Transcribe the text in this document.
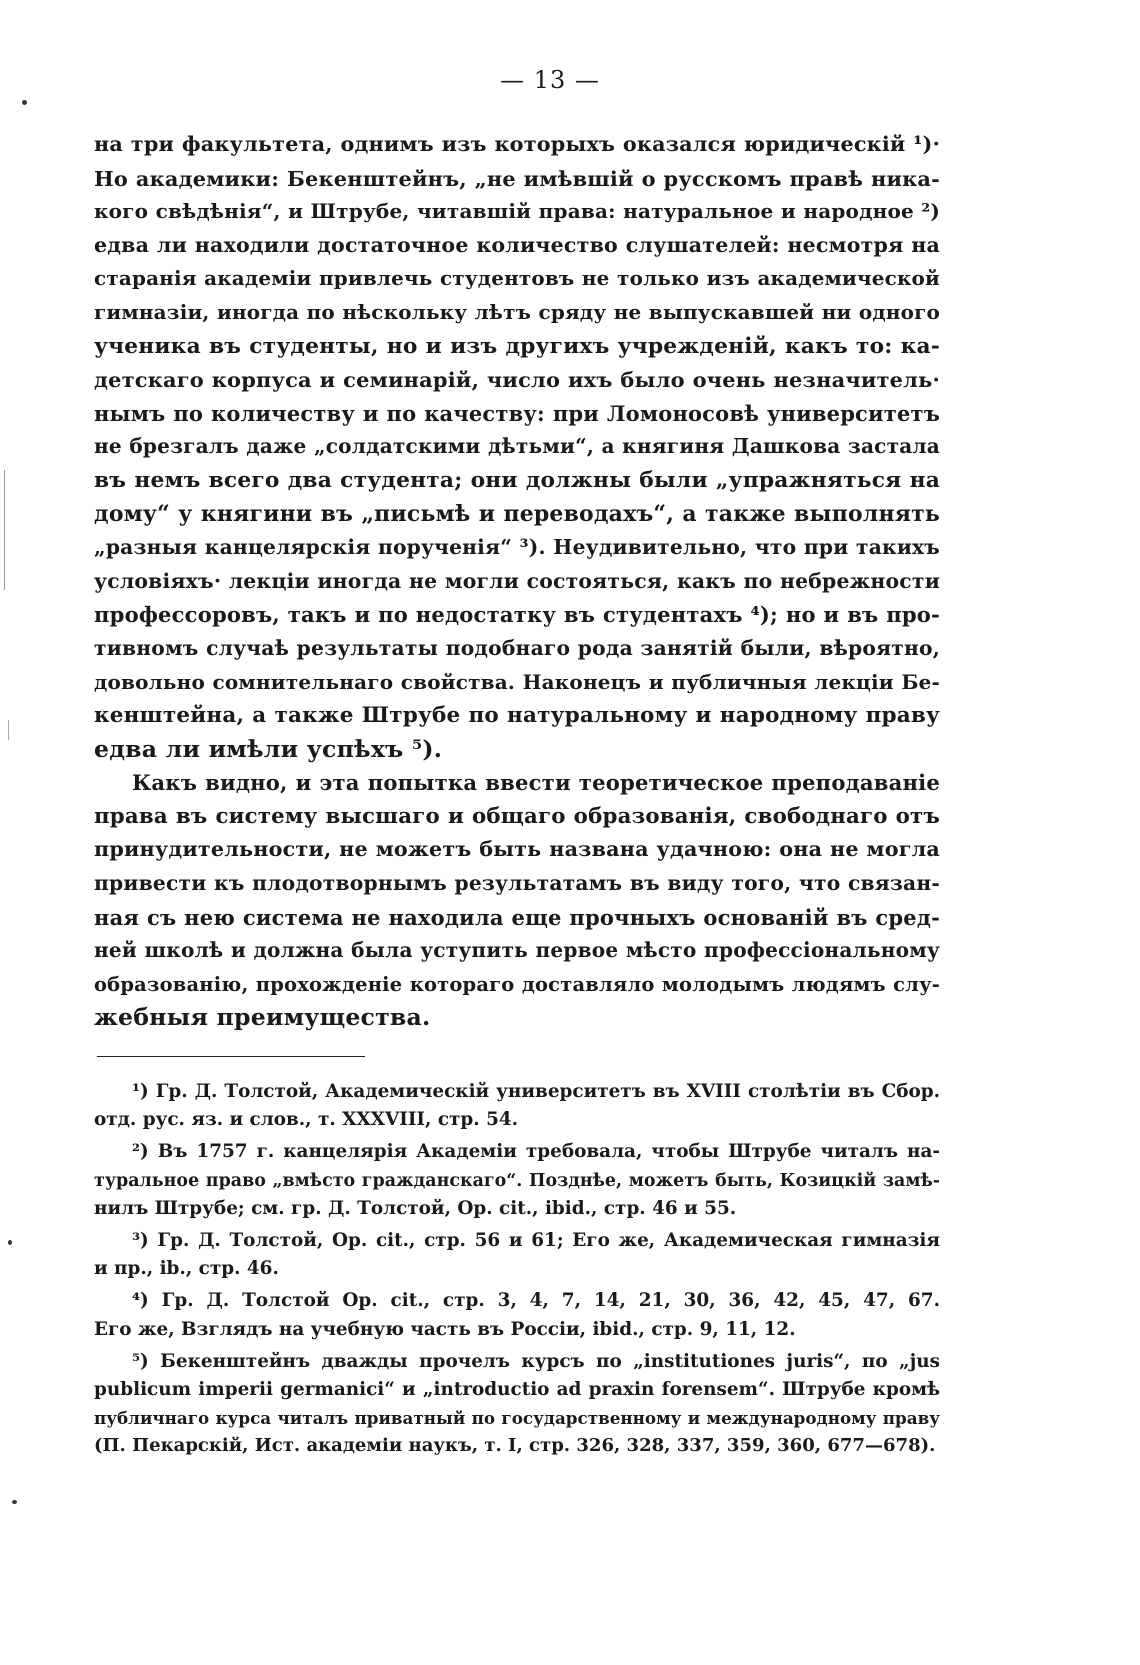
— 13 —
на три факультета, однимъ изъ которыхъ оказался юридическій ¹)·
Но академики: Бекенштейнъ, „не имѣвшій о русскомъ правѣ ника-
кого свѣдѣнія“, и Штрубе, читавшій права: натуральное и народное ²)
едва ли находили достаточное количество слушателей: несмотря на
старанія академіи привлечь студентовъ не только изъ академической
гимназіи, иногда по нѣскольку лѣтъ сряду не выпускавшей ни одного
ученика въ студенты, но и изъ другихъ учрежденій, какъ то: ка-
детскаго корпуса и семинарій, число ихъ было очень незначитель·
нымъ по количеству и по качеству: при Ломоносовѣ университетъ
не брезгалъ даже „солдатскими дѣтьми“, а княгиня Дашкова застала
въ немъ всего два студента; они должны были „упражняться на
дому“ у княгини въ „письмѣ и переводахъ“, а также выполнять
„разныя канцелярскія порученія“ ³). Неудивительно, что при такихъ
условіяхъ· лекціи иногда не могли состояться, какъ по небрежности
профессоровъ, такъ и по недостатку въ студентахъ ⁴); но и въ про-
тивномъ случаѣ результаты подобнаго рода занятій были, вѣроятно,
довольно сомнительнаго свойства. Наконецъ и публичныя лекціи Бе-
кенштейна, а также Штрубе по натуральному и народному праву
едва ли имѣли успѣхъ ⁵).
Какъ видно, и эта попытка ввести теоретическое преподаваніе
права въ систему высшаго и общаго образованія, свободнаго отъ
принудительности, не можетъ быть названа удачною: она не могла
привести къ плодотворнымъ результатамъ въ виду того, что связан-
ная съ нею система не находила еще прочныхъ основаній въ сред-
ней школѣ и должна была уступить первое мѣсто профессіональному
образованію, прохожденіе котораго доставляло молодымъ людямъ слу-
жебныя преимущества.
¹) Гр. Д. Толстой, Академическій университетъ въ XVIII столѣтіи въ Сбор.
отд. рус. яз. и слов., т. XXXVIII, стр. 54.
²) Въ 1757 г. канцелярія Академіи требовала, чтобы Штрубе читалъ на-
туральное право „вмѣсто гражданскаго“. Позднѣе, можетъ быть, Козицкій замѣ-
нилъ Штрубе; см. гр. Д. Толстой, Op. cit., ibid., стр. 46 и 55.
³) Гр. Д. Толстой, Op. cit., стр. 56 и 61; Его же, Академическая гимназія
и пр., ib., стр. 46.
⁴) Гр. Д. Толстой Op. cit., стр. 3, 4, 7, 14, 21, 30, 36, 42, 45, 47, 67.
Его же, Взглядъ на учебную часть въ Россіи, ibid., стр. 9, 11, 12.
⁵) Бекенштейнъ дважды прочелъ курсъ по „institutiones juris“, по „jus
publicum imperii germanici“ и „introductio ad praxin forensem“. Штрубе кромѣ
публичнаго курса читалъ приватный по государственному и международному праву
(П. Пекарскій, Ист. академіи наукъ, т. I, стр. 326, 328, 337, 359, 360, 677—678).
